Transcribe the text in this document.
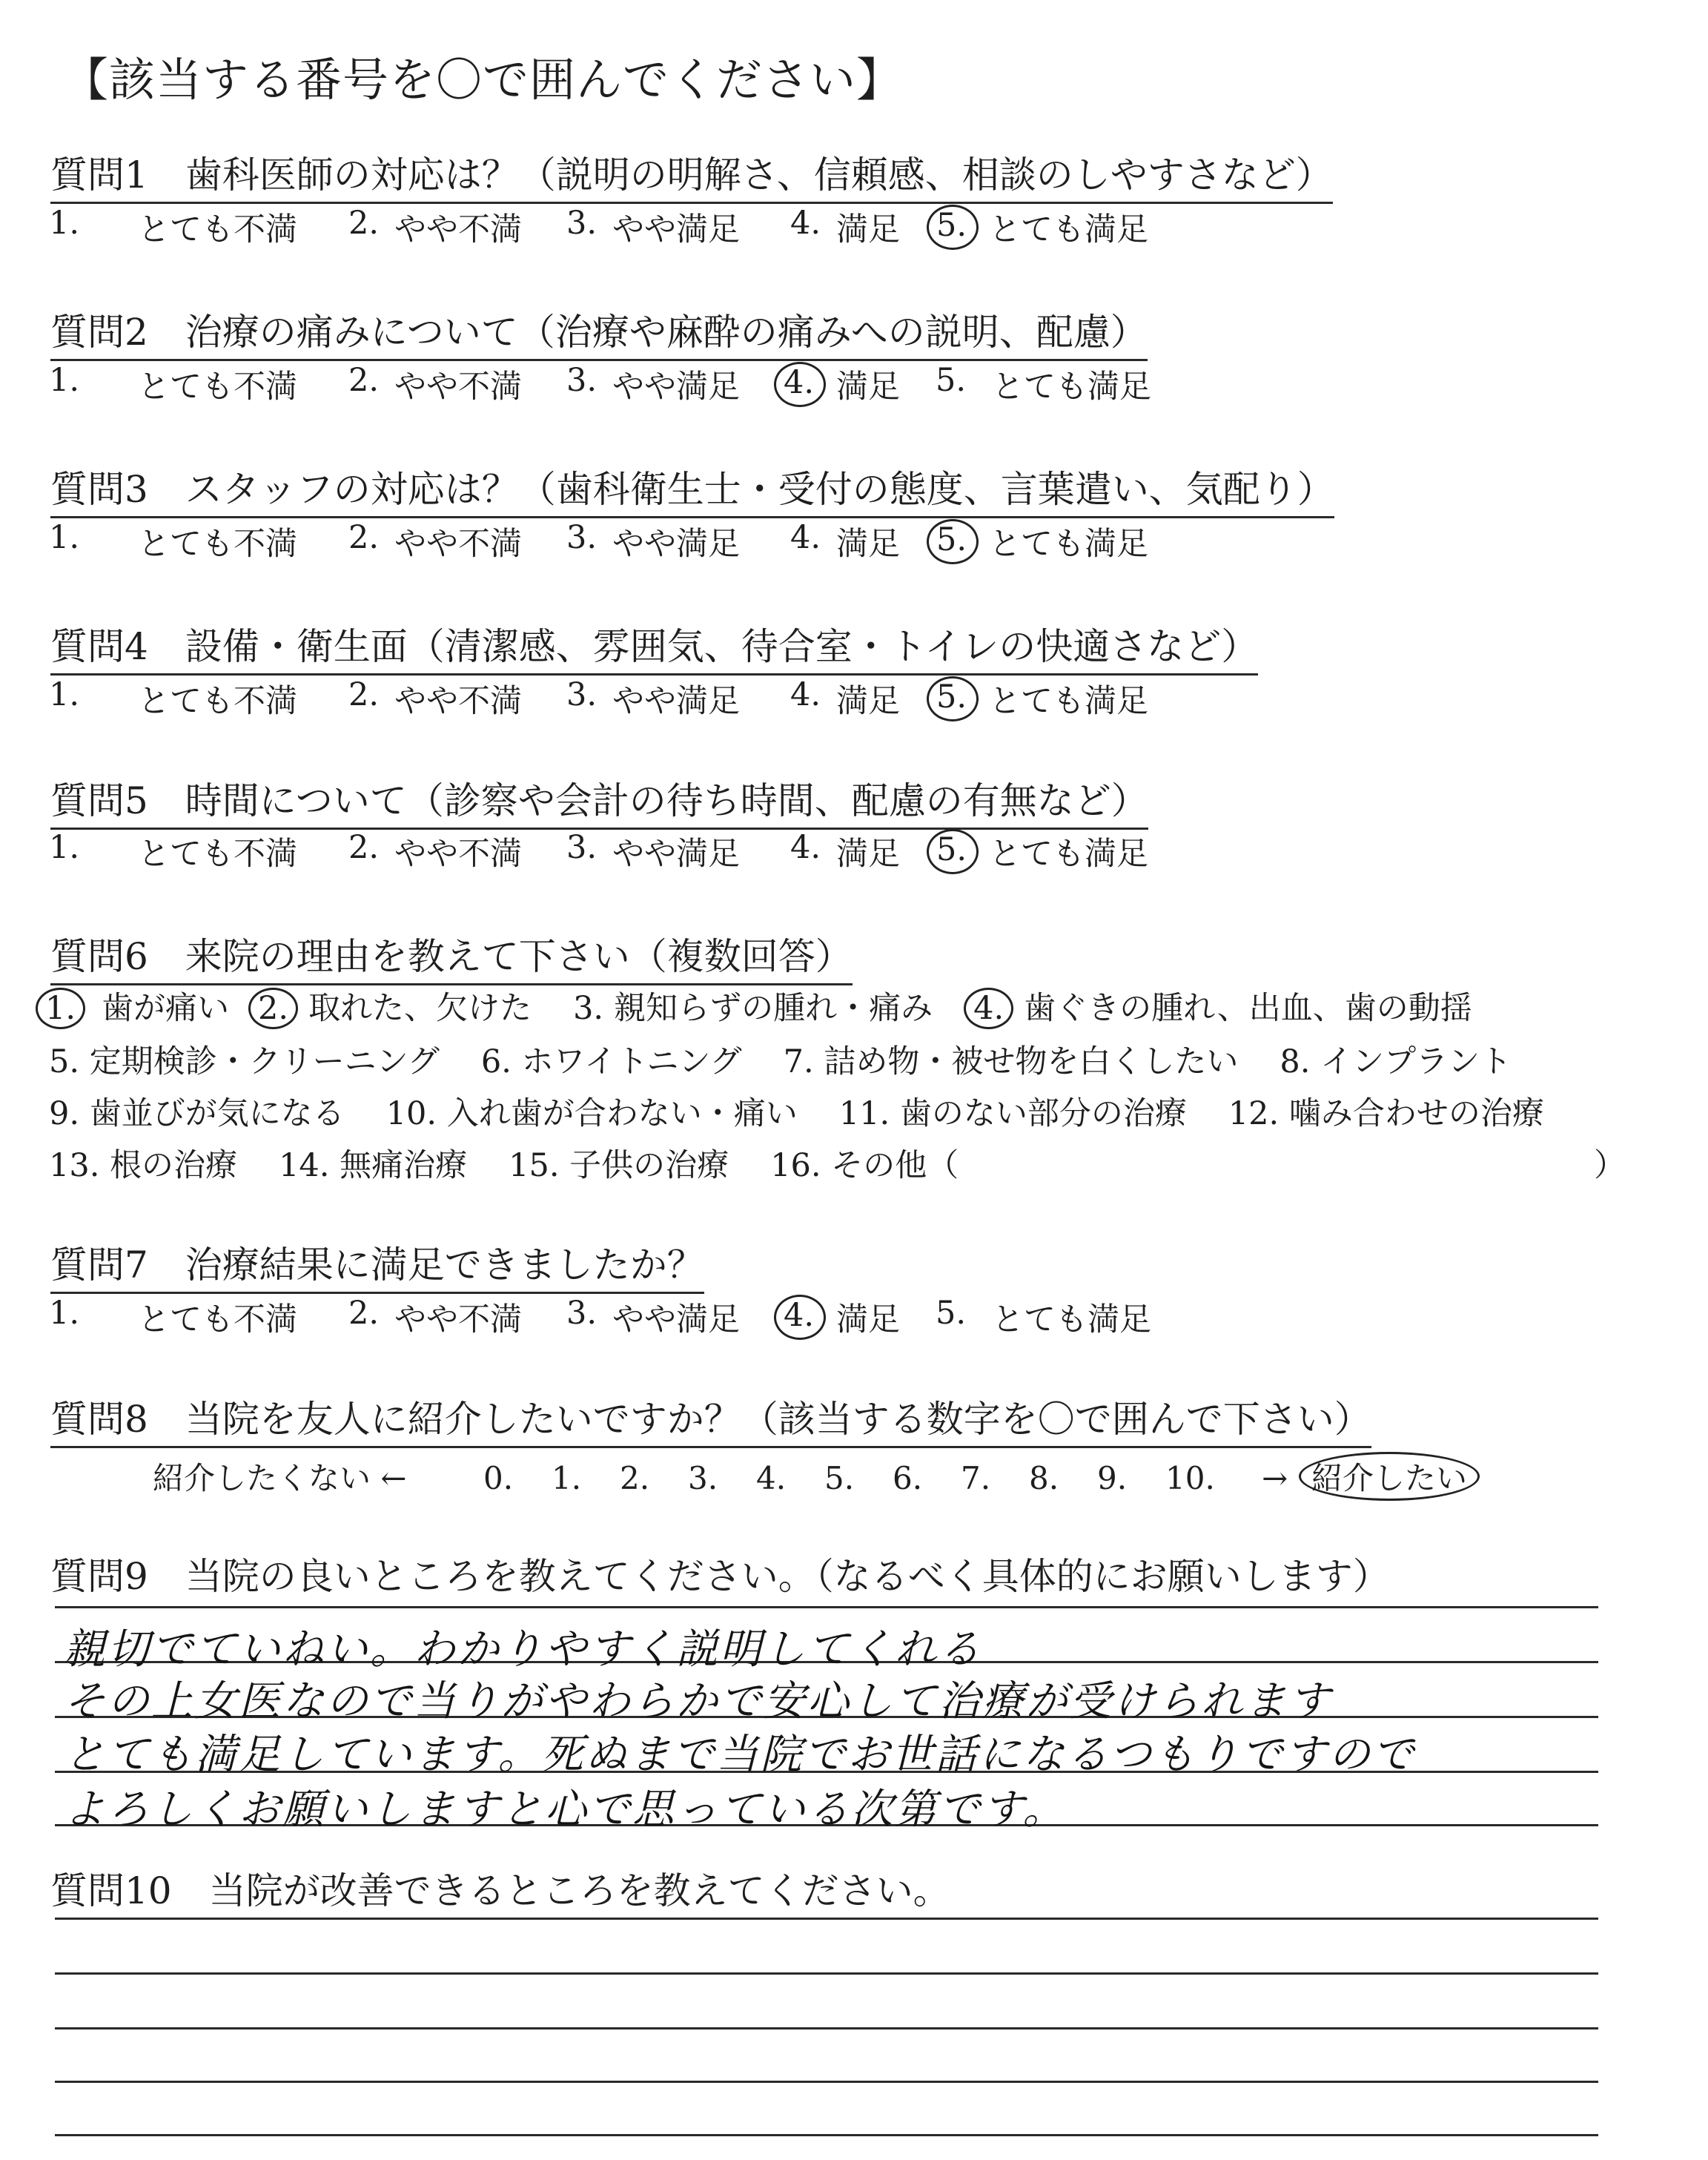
【該当する番号を〇で囲んでください】
質問1　歯科医師の対応は？（説明の明解さ、信頼感、相談のしやすさなど）
1.	とても不満	2. やや不満	3. やや満足	4. 満足	5. とても満足
質問2　治療の痛みについて（治療や麻酔の痛みへの説明、配慮）
1.	とても不満	2. やや不満	3. やや満足	4. 満足	5. とても満足
質問3　スタッフの対応は？（歯科衛生士・受付の態度、言葉遣い、気配り）
1.	とても不満	2. やや不満	3. やや満足	4. 満足	5. とても満足
質問4　設備・衛生面（清潔感、雰囲気、待合室・トイレの快適さなど）
1.	とても不満	2. やや不満	3. やや満足	4. 満足	5. とても満足
質問5　時間について（診察や会計の待ち時間、配慮の有無など）
1.	とても不満	2. やや不満	3. やや満足	4. 満足	5. とても満足
質問6　来院の理由を教えて下さい（複数回答）
1. 歯が痛い 2. 取れた、欠けた 3. 親知らずの腫れ・痛み 4. 歯ぐきの腫れ、出血、歯の動揺
5. 定期検診・クリーニング 6. ホワイトニング 7. 詰め物・被せ物を白くしたい 8. インプラント
9. 歯並びが気になる 10. 入れ歯が合わない・痛い 11. 歯のない部分の治療 12. 噛み合わせの治療
13. 根の治療 14. 無痛治療 15. 子供の治療 16. その他（	）
質問7　治療結果に満足できましたか？
1.	とても不満	2. やや不満	3. やや満足	4. 満足	5. とても満足
質問8　当院を友人に紹介したいですか？（該当する数字を〇で囲んで下さい）
紹介したくない ← 0. 1. 2. 3. 4. 5. 6. 7. 8. 9. 10. → 紹介したい
質問9　当院の良いところを教えてください。（なるべく具体的にお願いします）
親切でていねい。わかりやすく説明してくれる
その上女医なので当りがやわらかで安心して治療が受けられます
とても満足しています。死ぬまで当院でお世話になるつもりですので
よろしくお願いしますと心で思っている次第です。
質問10　当院が改善できるところを教えてください。
